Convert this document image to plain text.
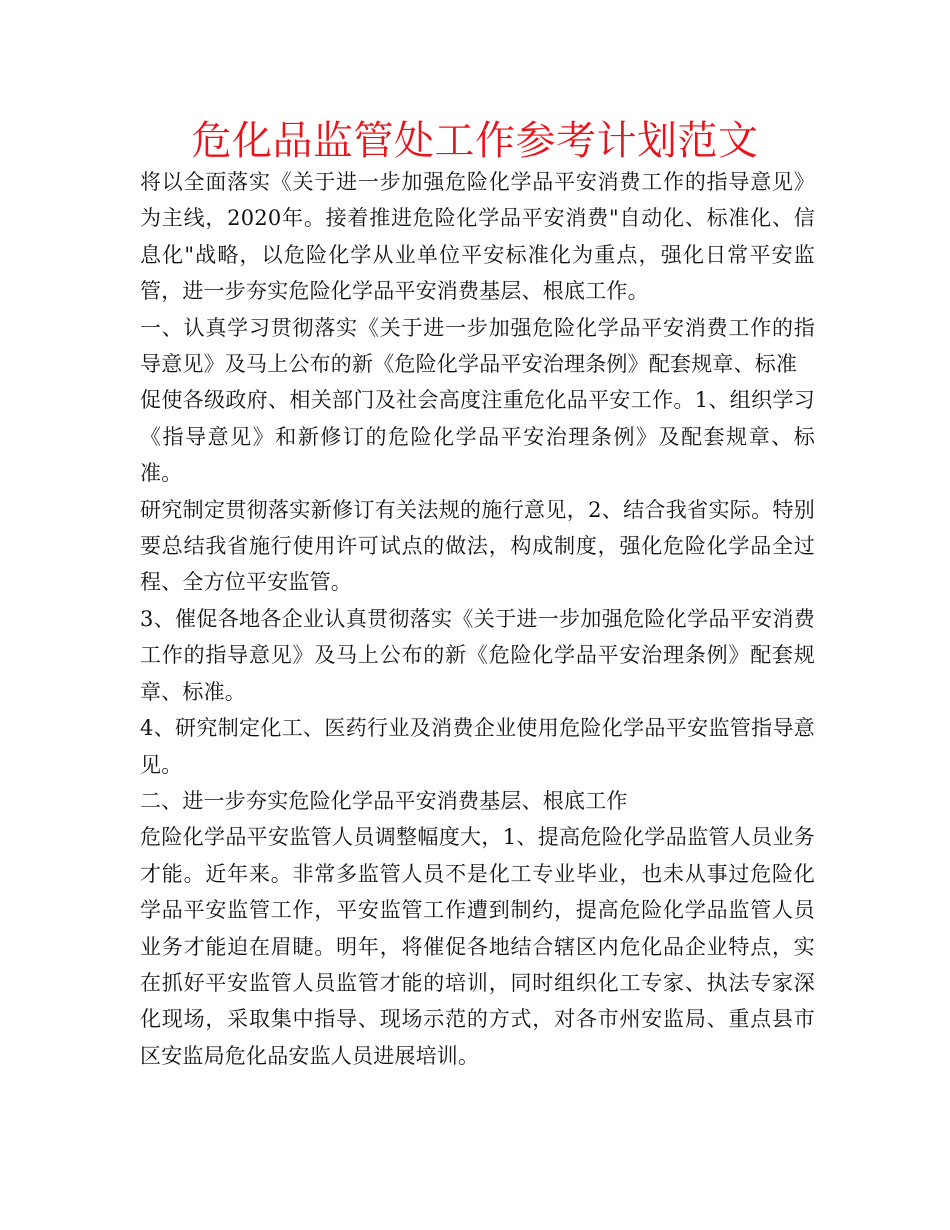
危化品监管处工作参考计划范文

将以全面落实《关于进一步加强危险化学品平安消费工作的指导意见》为主线，2020年。接着推进危险化学品平安消费"自动化、标准化、信息化"战略，以危险化学从业单位平安标准化为重点，强化日常平安监管，进一步夯实危险化学品平安消费基层、根底工作。

一、认真学习贯彻落实《关于进一步加强危险化学品平安消费工作的指导意见》及马上公布的新《危险化学品平安治理条例》配套规章、标准

促使各级政府、相关部门及社会高度注重危化品平安工作。1、组织学习《指导意见》和新修订的危险化学品平安治理条例》及配套规章、标准。

研究制定贯彻落实新修订有关法规的施行意见，2、结合我省实际。特别要总结我省施行使用许可试点的做法，构成制度，强化危险化学品全过程、全方位平安监管。

3、催促各地各企业认真贯彻落实《关于进一步加强危险化学品平安消费工作的指导意见》及马上公布的新《危险化学品平安治理条例》配套规章、标准。

4、研究制定化工、医药行业及消费企业使用危险化学品平安监管指导意见。

二、进一步夯实危险化学品平安消费基层、根底工作

危险化学品平安监管人员调整幅度大，1、提高危险化学品监管人员业务才能。近年来。非常多监管人员不是化工专业毕业，也未从事过危险化学品平安监管工作，平安监管工作遭到制约，提高危险化学品监管人员业务才能迫在眉睫。明年，将催促各地结合辖区内危化品企业特点，实在抓好平安监管人员监管才能的培训，同时组织化工专家、执法专家深化现场，采取集中指导、现场示范的方式，对各市州安监局、重点县市区安监局危化品安监人员进展培训。
